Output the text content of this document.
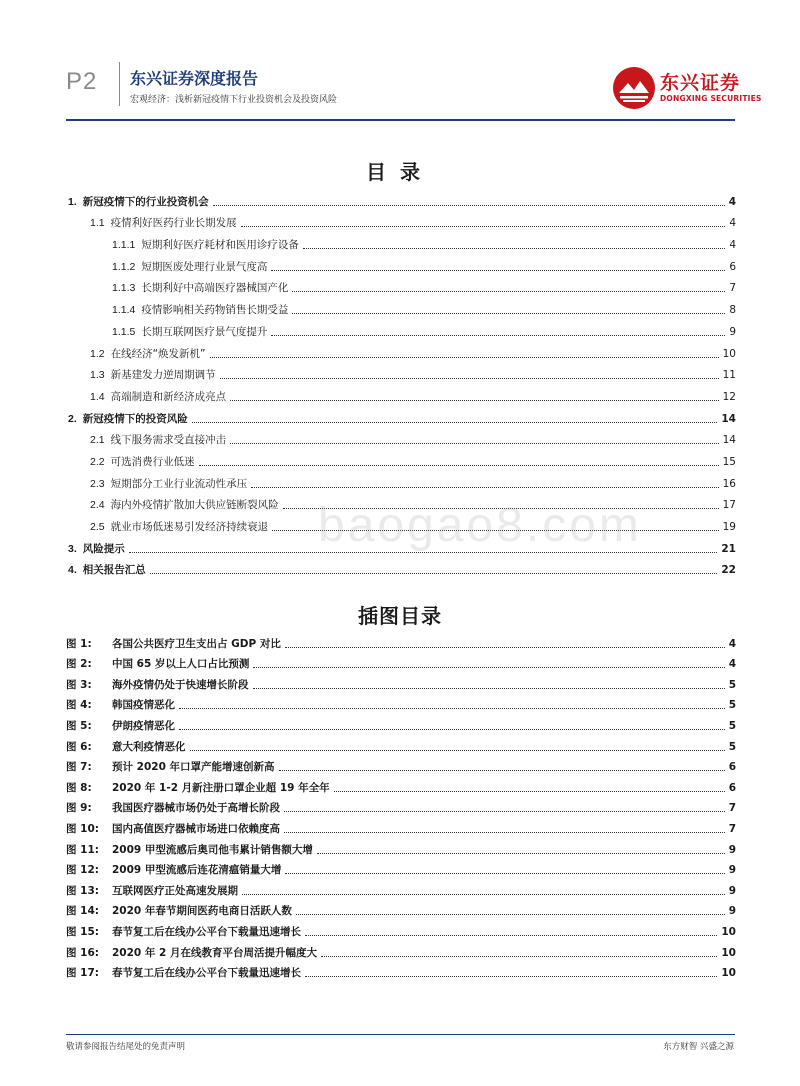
P2 东兴证券深度报告
宏观经济：浅析新冠疫情下行业投资机会及投资风险
东兴证券
DONGXING SECURITIES
目录
1. 新冠疫情下的行业投资机会	4
1.1 疫情利好医药行业长期发展	4
1.1.1 短期利好医疗耗材和医用诊疗设备	4
1.1.2 短期医废处理行业景气度高	6
1.1.3 长期利好中高端医疗器械国产化	7
1.1.4 疫情影响相关药物销售长期受益	8
1.1.5 长期互联网医疗景气度提升	9
1.2 在线经济“焕发新机”	10
1.3 新基建发力逆周期调节	11
1.4 高端制造和新经济成亮点	12
2. 新冠疫情下的投资风险	14
2.1 线下服务需求受直接冲击	14
2.2 可选消费行业低迷	15
2.3 短期部分工业行业流动性承压	16
2.4 海内外疫情扩散加大供应链断裂风险	17
2.5 就业市场低迷易引发经济持续衰退	19
3. 风险提示	21
4. 相关报告汇总	22
插图目录
图 1: 各国公共医疗卫生支出占 GDP 对比	4
图 2: 中国 65 岁以上人口占比预测	4
图 3: 海外疫情仍处于快速增长阶段	5
图 4: 韩国疫情恶化	5
图 5: 伊朗疫情恶化	5
图 6: 意大利疫情恶化	5
图 7: 预计 2020 年口罩产能增速创新高	6
图 8: 2020 年 1-2 月新注册口罩企业超 19 年全年	6
图 9: 我国医疗器械市场仍处于高增长阶段	7
图 10: 国内高值医疗器械市场进口依赖度高	7
图 11: 2009 甲型流感后奥司他韦累计销售额大增	9
图 12: 2009 甲型流感后连花清瘟销量大增	9
图 13: 互联网医疗正处高速发展期	9
图 14: 2020 年春节期间医药电商日活跃人数	9
图 15: 春节复工后在线办公平台下载量迅速增长	10
图 16: 2020 年 2 月在线教育平台周活提升幅度大	10
图 17: 春节复工后在线办公平台下载量迅速增长	10
baogao8.com
敬请参阅报告结尾处的免责声明	东方财智 兴盛之源
